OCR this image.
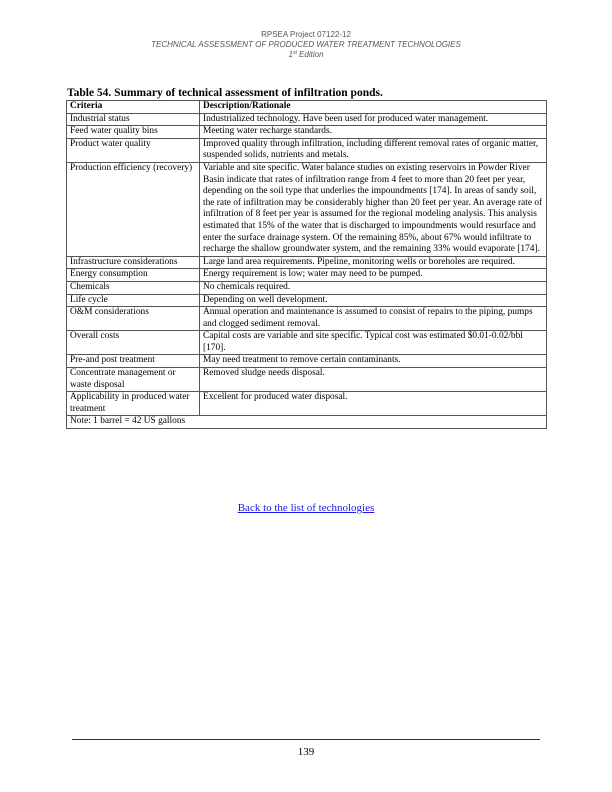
RPSEA Project 07122-12
TECHNICAL ASSESSMENT OF PRODUCED WATER TREATMENT TECHNOLOGIES
1st Edition
Table 54. Summary of technical assessment of infiltration ponds.
Criteria	Description/Rationale
Industrial status	Industrialized technology. Have been used for produced water management.
Feed water quality bins	Meeting water recharge standards.
Product water quality	Improved quality through infiltration, including different removal rates of organic matter, suspended solids, nutrients and metals.
Production efficiency (recovery)	Variable and site specific. Water balance studies on existing reservoirs in Powder River Basin indicate that rates of infiltration range from 4 feet to more than 20 feet per year, depending on the soil type that underlies the impoundments [174]. In areas of sandy soil, the rate of infiltration may be considerably higher than 20 feet per year. An average rate of infiltration of 8 feet per year is assumed for the regional modeling analysis. This analysis estimated that 15% of the water that is discharged to impoundments would resurface and enter the surface drainage system. Of the remaining 85%, about 67% would infiltrate to recharge the shallow groundwater system, and the remaining 33% would evaporate [174].
Infrastructure considerations	Large land area requirements. Pipeline, monitoring wells or boreholes are required.
Energy consumption	Energy requirement is low; water may need to be pumped.
Chemicals	No chemicals required.
Life cycle	Depending on well development.
O&M considerations	Annual operation and maintenance is assumed to consist of repairs to the piping, pumps and clogged sediment removal.
Overall costs	Capital costs are variable and site specific. Typical cost was estimated $0.01-0.02/bbl [170].
Pre-and post treatment	May need treatment to remove certain contaminants.
Concentrate management or waste disposal	Removed sludge needs disposal.
Applicability in produced water treatment	Excellent for produced water disposal.
Note: 1 barrel = 42 US gallons	
Back to the list of technologies
139
